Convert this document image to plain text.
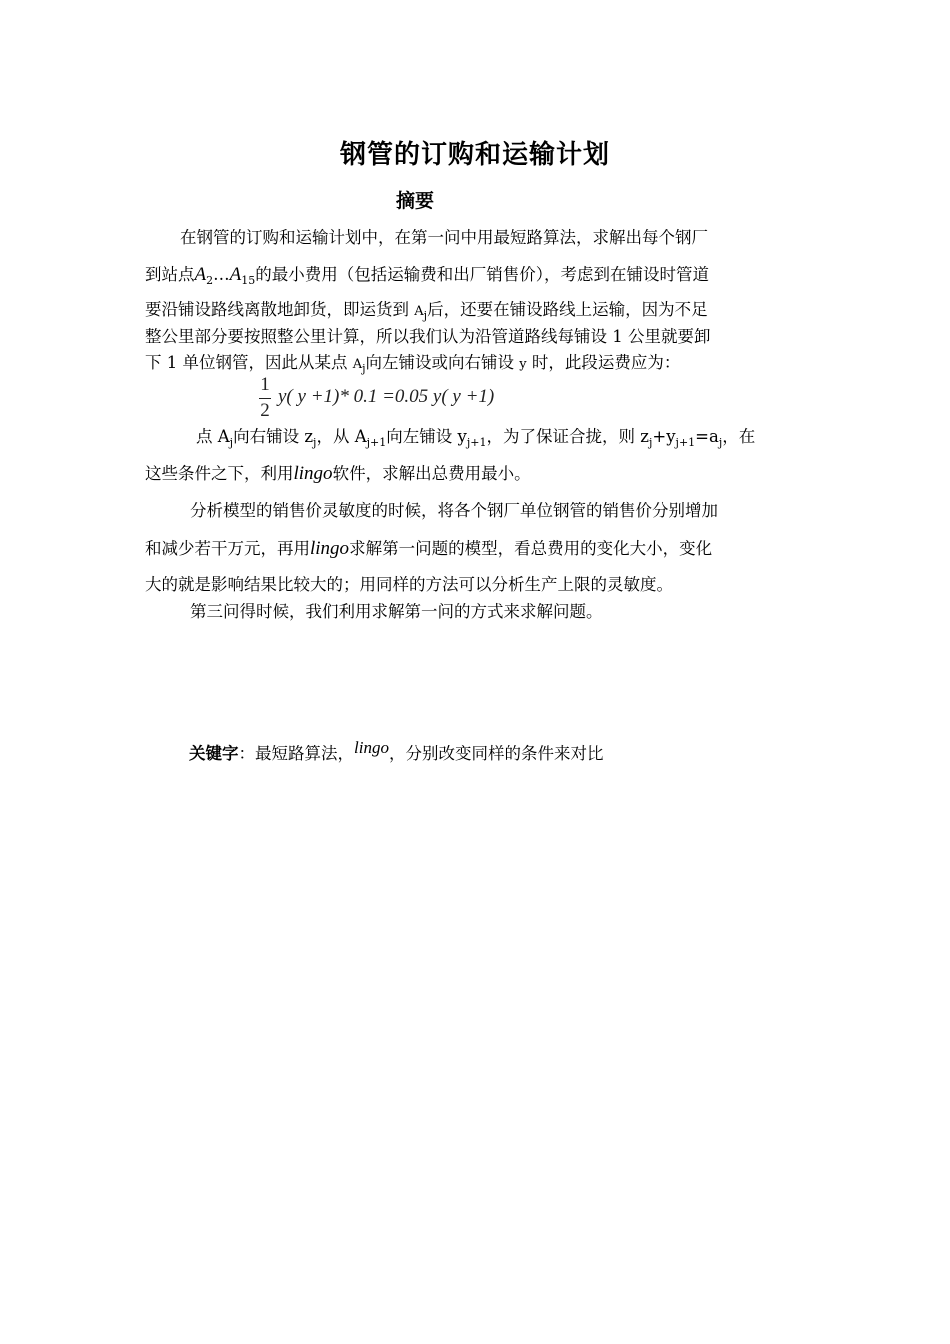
钢管的订购和运输计划
摘要
在钢管的订购和运输计划中，在第一问中用最短路算法，求解出每个钢厂
到站点$A_2\dots A_{15}$的最小费用（包括运输费和出厂销售价），考虑到在铺设时管道
要沿铺设路线离散地卸货，即运货到 $A_j$后，还要在铺设路线上运输，因为不足
整公里部分要按照整公里计算，所以我们认为沿管道路线每铺设 1 公里就要卸
下 1 单位钢管，因此从某点 $A_j$向左铺设或向右铺设 y 时，此段运费应为：
1
2
y( y +1)* 0.1 =0.05 y( y +1)
点 $A_j$向右铺设 $z_j$，从 $A_{j+1}$向左铺设 $y_{j+1}$，为了保证合拢，则 $z_j+y_{j+1}=a_j$，在
这些条件之下，利用lingo软件，求解出总费用最小。
分析模型的销售价灵敏度的时候，将各个钢厂单位钢管的销售价分别增加
和减少若干万元，再用lingo求解第一问题的模型，看总费用的变化大小，变化
大的就是影响结果比较大的；用同样的方法可以分析生产上限的灵敏度。
第三问得时候，我们利用求解第一问的方式来求解问题。
关键字：最短路算法，lingo，分别改变同样的条件来对比
